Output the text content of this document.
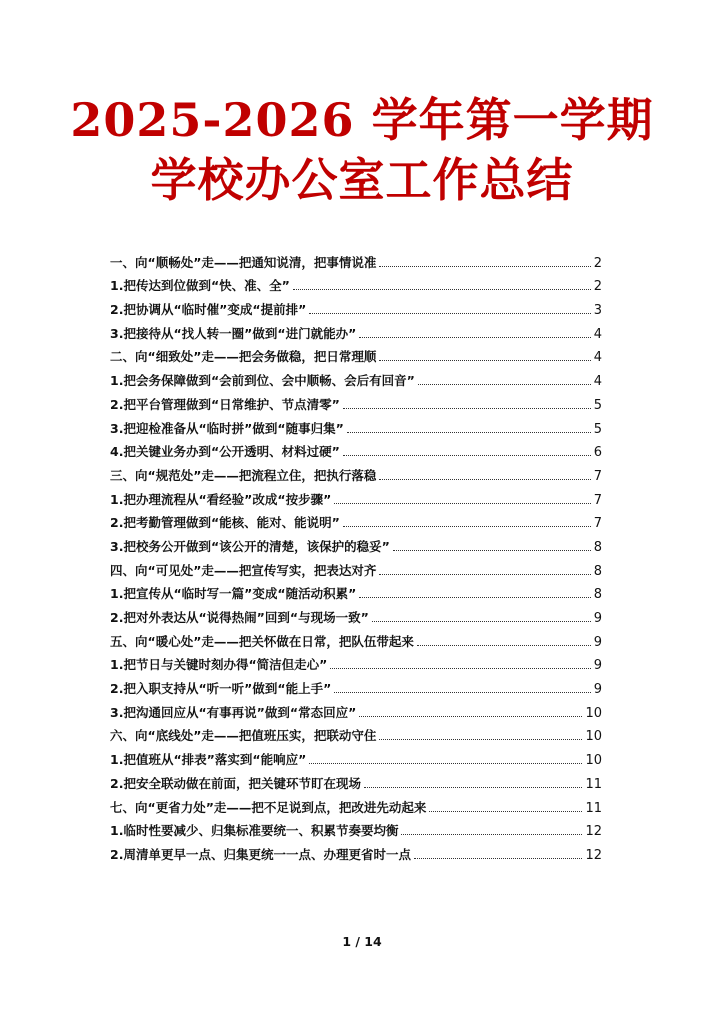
2025-2026 学年第一学期
学校办公室工作总结
一、向“顺畅处”走——把通知说清，把事情说准	2
1.把传达到位做到“快、准、全”	2
2.把协调从“临时催”变成“提前排”	3
3.把接待从“找人转一圈”做到“进门就能办”	4
二、向“细致处”走——把会务做稳，把日常理顺	4
1.把会务保障做到“会前到位、会中顺畅、会后有回音”	4
2.把平台管理做到“日常维护、节点清零”	5
3.把迎检准备从“临时拼”做到“随事归集”	5
4.把关键业务办到“公开透明、材料过硬”	6
三、向“规范处”走——把流程立住，把执行落稳	7
1.把办理流程从“看经验”改成“按步骤”	7
2.把考勤管理做到“能核、能对、能说明”	7
3.把校务公开做到“该公开的清楚，该保护的稳妥”	8
四、向“可见处”走——把宣传写实，把表达对齐	8
1.把宣传从“临时写一篇”变成“随活动积累”	8
2.把对外表达从“说得热闹”回到“与现场一致”	9
五、向“暖心处”走——把关怀做在日常，把队伍带起来	9
1.把节日与关键时刻办得“简洁但走心”	9
2.把入职支持从“听一听”做到“能上手”	9
3.把沟通回应从“有事再说”做到“常态回应”	10
六、向“底线处”走——把值班压实，把联动守住	10
1.把值班从“排表”落实到“能响应”	10
2.把安全联动做在前面，把关键环节盯在现场	11
七、向“更省力处”走——把不足说到点，把改进先动起来	11
1.临时性要减少、归集标准要统一、积累节奏要均衡	12
2.周清单更早一点、归集更统一一点、办理更省时一点	12
1 / 14
